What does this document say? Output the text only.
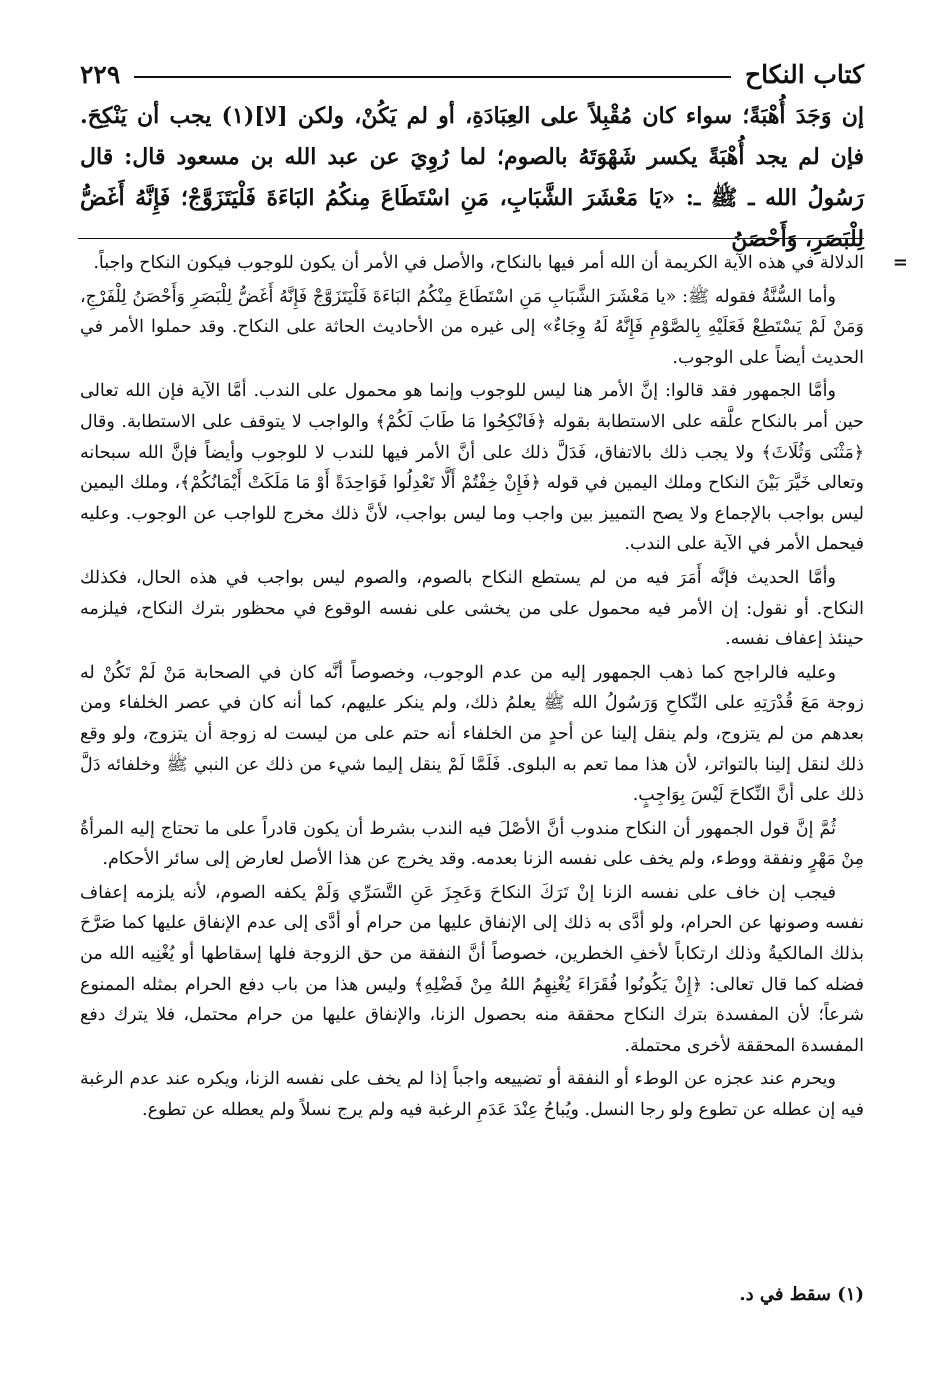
كتاب النكاح
٢٢٩

إن وَجَدَ أُهْبَةً؛ سواء كان مُقْبِلاً على العِبَادَةِ، أو لم يَكُنْ، ولكن [لا](١) يجب أن يَنْكِحَ. فإن لم يجد أُهْبَةً يكسر شَهْوَتَهُ بالصوم؛ لما رُوِيَ عن عبد الله بن مسعود قال: قال رَسُولُ الله ـ ﷺ ـ: «يَا مَعْشَرَ الشَّبَابِ، مَنِ اسْتَطَاعَ مِنكُمُ البَاءَةَ فَلْيَتَزَوَّجْ؛ فَإِنَّهُ أَغَضُّ لِلْبَصَرِ، وَأَحْصَنُ

=

الدلالة في هذه الآية الكريمة أن الله أمر فيها بالنكاح، والأصل في الأمر أن يكون للوجوب فيكون النكاح واجباً.

وأما السُّنَّةُ فقوله ﷺ: «يا مَعْشَرَ الشَّبَابِ مَنِ اسْتَطَاعَ مِنْكُمُ البَاءَةَ فَلْيَتَزَوَّجْ فَإِنَّهُ أَغَضُّ لِلْبَصَرِ وَأَحْصَنُ لِلْفَرْجِ، وَمَنْ لَمْ يَسْتَطِعْ فَعَلَيْهِ بِالصَّوْمِ فَإِنَّهُ لَهُ وِجَاءٌ» إلى غيره من الأحاديث الحاثة على النكاح. وقد حملوا الأمر في الحديث أيضاً على الوجوب.

وأمَّا الجمهور فقد قالوا: إنَّ الأمر هنا ليس للوجوب وإنما هو محمول على الندب. أمَّا الآية فإن الله تعالى حين أمر بالنكاح علَّقه على الاستطابة بقوله ﴿فَانْكِحُوا مَا طَابَ لَكُمْ﴾ والواجب لا يتوقف على الاستطابة. وقال ﴿مَثْنَى وَثُلَاثَ﴾ ولا يجب ذلك بالاتفاق، فَدَلَّ ذلك على أنَّ الأمر فيها للندب لا للوجوب وأيضاً فإنَّ الله سبحانه وتعالى خَيَّرَ بَيْنَ النكاح وملك اليمين في قوله ﴿فَإِنْ خِفْتُمْ أَلَّا تَعْدِلُوا فَوَاحِدَةً أَوْ مَا مَلَكَتْ أَيْمَانُكُمْ﴾، وملك اليمين ليس بواجب بالإجماع ولا يصح التمييز بين واجب وما ليس بواجب، لأنَّ ذلك مخرج للواجب عن الوجوب. وعليه فيحمل الأمر في الآية على الندب.

وأمَّا الحديث فإنَّه أَمَرَ فيه من لم يستطع النكاح بالصوم، والصوم ليس بواجب في هذه الحال، فكذلك النكاح. أو نقول: إن الأمر فيه محمول على من يخشى على نفسه الوقوع في محظور بترك النكاح، فيلزمه حينئذ إعفاف نفسه.

وعليه فالراجح كما ذهب الجمهور إليه من عدم الوجوب، وخصوصاً أنَّه كان في الصحابة مَنْ لَمْ تَكُنْ له زوجة مَعَ قُدْرَتِهِ على النِّكاحِ وَرَسُولُ الله ﷺ يعلمُ ذلك، ولم ينكر عليهم، كما أنه كان في عصر الخلفاء ومن بعدهم من لم يتزوج، ولم ينقل إلينا عن أحدٍ من الخلفاء أنه حتم على من ليست له زوجة أن يتزوج، ولو وقع ذلك لنقل إلينا بالتواتر، لأن هذا مما تعم به البلوى. فَلَمَّا لَمْ ينقل إليما شيء من ذلك عن النبي ﷺ وخلفائه دَلَّ ذلك على أنَّ النِّكاحَ لَيْسَ بِوَاجِبٍ.

ثُمَّ إنَّ قول الجمهور أن النكاح مندوب أنَّ الأصْلَ فيه الندب بشرط أن يكون قادراً على ما تحتاج إليه المرأةُ مِنْ مَهْرٍ ونفقة ووطء، ولم يخف على نفسه الزنا بعدمه. وقد يخرج عن هذا الأصل لعارض إلى سائر الأحكام.

فيجب إن خاف على نفسه الزنا إنْ تَرَكَ النكاحَ وَعَجِزَ عَنِ التَّسَرِّي وَلَمْ يكفه الصوم، لأنه يلزمه إعفاف نفسه وصونها عن الحرام، ولو أدَّى به ذلك إلى الإنفاق عليها من حرام أو أدَّى إلى عدم الإنفاق عليها كما صَرَّحَ بذلك المالكيةُ وذلك ارتكاباً لأخفِ الخطرين، خصوصاً أنَّ النفقة من حق الزوجة فلها إسقاطها أو يُغْنِيه الله من فضله كما قال تعالى: ﴿إِنْ يَكُونُوا فُقَرَاءَ يُغْنِهِمُ اللهُ مِنْ فَضْلِهِ﴾ وليس هذا من باب دفع الحرام بمثله الممنوع شرعاً؛ لأن المفسدة بترك النكاح محققة منه بحصول الزنا، والإنفاق عليها من حرام محتمل، فلا يترك دفع المفسدة المحققة لأخرى محتملة.

ويحرم عند عجزه عن الوطء أو النفقة أو تضييعه واجباً إذا لم يخف على نفسه الزنا، ويكره عند عدم الرغبة فيه إن عطله عن تطوع ولو رجا النسل. ويُباحُ عِنْدَ عَدَمِ الرغبة فيه ولم يرج نسلاً ولم يعطله عن تطوع.

(١) سقط في د.
